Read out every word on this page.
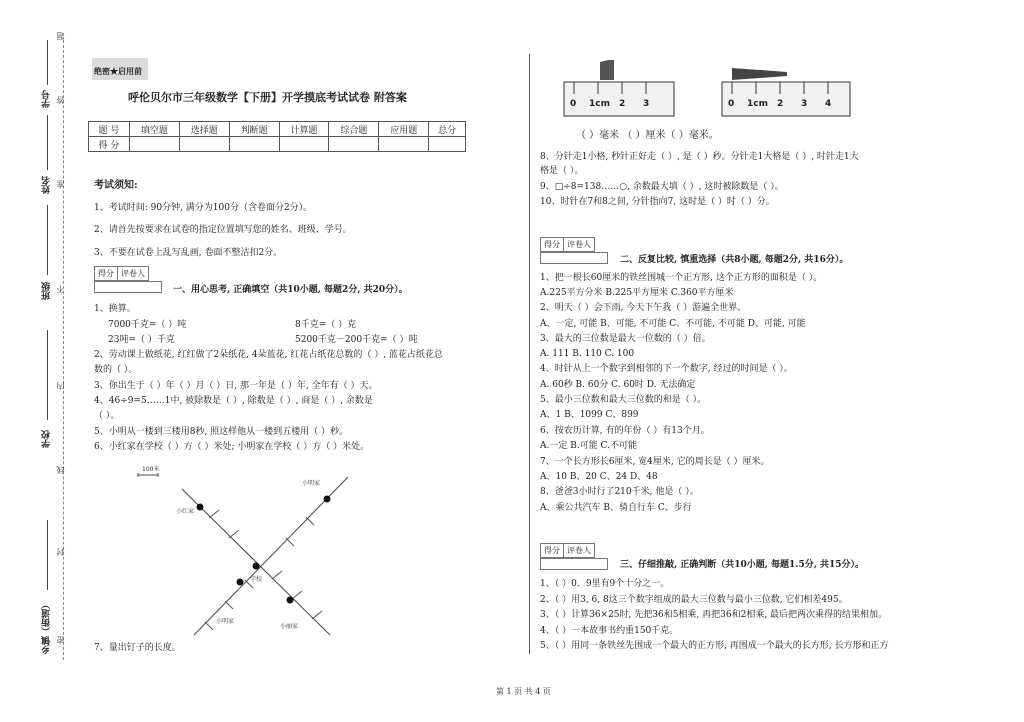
题
学号 答
姓名 准
班级 不
内
学校
线
封
乡镇（街道） 密
绝密★启用前
呼伦贝尔市三年级数学【下册】开学摸底考试试卷 附答案
题 号	填空题	选择题	判断题	计算题	综合题	应用题	总分
得 分							
考试须知:
1、考试时间: 90分钟, 满分为100分（含卷面分2分）。
2、请首先按要求在试卷的指定位置填写您的姓名、班级、学号。
3、不要在试卷上乱写乱画, 卷面不整洁扣2分。
得分 评卷人
一、用心思考, 正确填空（共10小题, 每题2分, 共20分）。
1、换算。
7000千克=（ ）吨	8千克=（ ）克
23吨=（ ）千克	5200千克－200千克=（ ）吨
2、劳动课上做纸花, 红红做了2朵纸花, 4朵蓝花, 红花占纸花总数的（ ）, 蓝花占纸花总
数的（ ）。
3、你出生于（ ）年（ ）月（ ）日, 那一年是（ ）年, 全年有（ ）天。
4、46÷9=5……1中, 被除数是（ ）, 除数是（ ）, 商是（ ）, 余数是
（ ）。
5、小明从一楼到三楼用8秒, 照这样他从一楼到五楼用（ ）秒。
6、小红家在学校（ ）方（ ）米处; 小明家在学校（ ）方（ ）米处。
100米
小红家
小明家
学校
小明家
小丽家
7、量出钉子的长度。
0 1cm 2 3	0 1cm 2 3 4
（ ）毫米 （ ）厘米（ ）毫米。
8、分针走1小格, 秒针正好走（ ）, 是（ ）秒。分针走1大格是（ ）, 时针走1大
格是（ ）。
9、□÷8=138……○, 余数最大填（ ）, 这时被除数是（ ）。
10、时针在7和8之间, 分针指向7, 这时是（ ）时（ ）分。
得分 评卷人
二、反复比较, 慎重选择（共8小题, 每题2分, 共16分）。
1、把一根长60厘米的铁丝围城一个正方形, 这个正方形的面积是（ ）。
A.225平方分米 B.225平方厘米 C.360平方厘米
2、明天（ ）会下雨, 今天下午我（ ）游遍全世界。
A、一定, 可能 B、可能, 不可能 C、不可能, 不可能 D、可能, 可能
3、最大的三位数是最大一位数的（ ）倍。
A. 111 B. 110 C. 100
4、时针从上一个数字到相邻的下一个数字, 经过的时间是（ ）。
A. 60秒 B. 60分 C. 60时 D. 无法确定
5、最小三位数和最大三位数的和是（ ）。
A、1 B、1099 C、899
6、按农历计算, 有的年份（ ）有13个月。
A.一定 B.可能 C.不可能
7、一个长方形长6厘米, 宽4厘米, 它的周长是（ ）厘米。
A、10 B、20 C、24 D、48
8、爸爸3小时行了210千米, 他是（ ）。
A、乘公共汽车 B、骑自行车 C、步行
得分 评卷人
三、仔细推敲, 正确判断（共10小题, 每题1.5分, 共15分）。
1、（ ）0．9里有9个十分之一。
2、（ ）用3, 6, 8这三个数字组成的最大三位数与最小三位数, 它们相差495。
3、（ ）计算36×25时, 先把36和5相乘, 再把36和2相乘, 最后把两次乘得的结果相加。
4、（ ）一本故事书约重150千克。
5、（ ）用同一条铁丝先围成一个最大的正方形, 再围成一个最大的长方形, 长方形和正方
第 1 页 共 4 页
